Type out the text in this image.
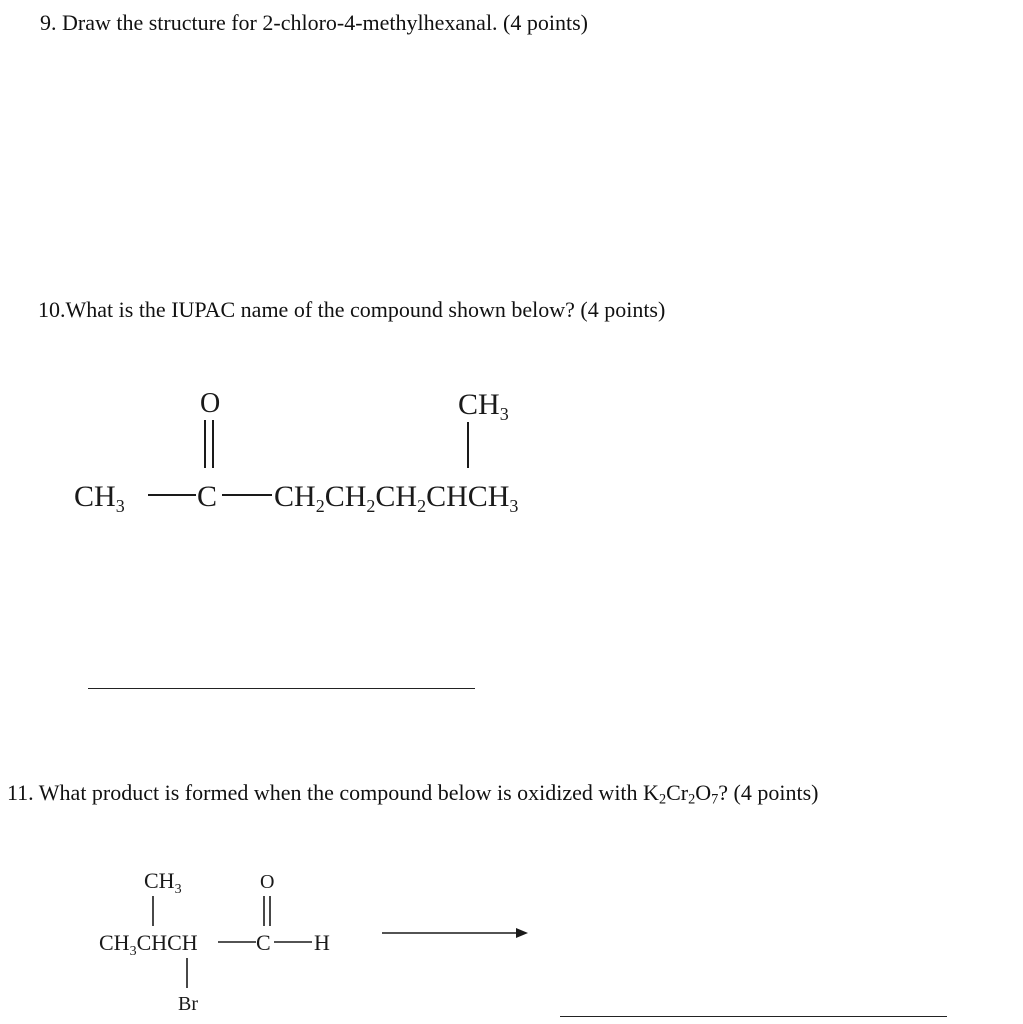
9. Draw the structure for 2-chloro-4-methylhexanal. (4 points)
10.What is the IUPAC name of the compound shown below? (4 points)
O	$CH_3$
$CH_3$ C $CH_2CH_2CH_2CHCH_3$
11. What product is formed when the compound below is oxidized with $K_2Cr_2O_7$? (4 points)
$CH_3$	O
$CH_3CHCH$	C H
Br
